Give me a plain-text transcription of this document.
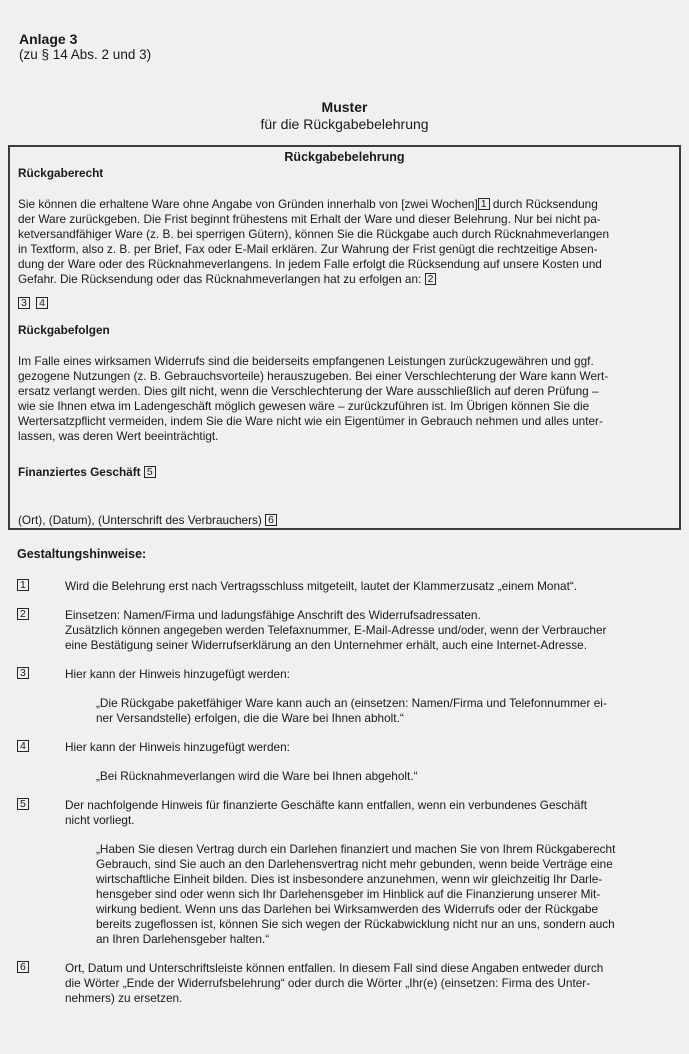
Anlage 3
(zu § 14 Abs. 2 und 3)
Muster
für die Rückgabebelehrung
Rückgabebelehrung
Rückgaberecht
Sie können die erhaltene Ware ohne Angabe von Gründen innerhalb von [zwei Wochen] 1 durch Rücksendung
der Ware zurückgeben. Die Frist beginnt frühestens mit Erhalt der Ware und dieser Belehrung. Nur bei nicht pa-
ketversandfähiger Ware (z. B. bei sperrigen Gütern), können Sie die Rückgabe auch durch Rücknahmeverlangen
in Textform, also z. B. per Brief, Fax oder E-Mail erklären. Zur Wahrung der Frist genügt die rechtzeitige Absen-
dung der Ware oder des Rücknahmeverlangens. In jedem Falle erfolgt die Rücksendung auf unsere Kosten und
Gefahr. Die Rücksendung oder das Rücknahmeverlangen hat zu erfolgen an: 2
3 4
Rückgabefolgen
Im Falle eines wirksamen Widerrufs sind die beiderseits empfangenen Leistungen zurückzugewähren und ggf.
gezogene Nutzungen (z. B. Gebrauchsvorteile) herauszugeben. Bei einer Verschlechterung der Ware kann Wert-
ersatz verlangt werden. Dies gilt nicht, wenn die Verschlechterung der Ware ausschließlich auf deren Prüfung –
wie sie Ihnen etwa im Ladengeschäft möglich gewesen wäre – zurückzuführen ist. Im Übrigen können Sie die
Wertersatzpflicht vermeiden, indem Sie die Ware nicht wie ein Eigentümer in Gebrauch nehmen und alles unter-
lassen, was deren Wert beeinträchtigt.
Finanziertes Geschäft 5
(Ort), (Datum), (Unterschrift des Verbrauchers) 6
Gestaltungshinweise:
1	Wird die Belehrung erst nach Vertragsschluss mitgeteilt, lautet der Klammerzusatz „einem Monat“.
2	Einsetzen: Namen/Firma und ladungsfähige Anschrift des Widerrufsadressaten.
Zusätzlich können angegeben werden Telefaxnummer, E-Mail-Adresse und/oder, wenn der Verbraucher
eine Bestätigung seiner Widerrufserklärung an den Unternehmer erhält, auch eine Internet-Adresse.
3	Hier kann der Hinweis hinzugefügt werden:
„Die Rückgabe paketfähiger Ware kann auch an (einsetzen: Namen/Firma und Telefonnummer ei-
ner Versandstelle) erfolgen, die die Ware bei Ihnen abholt.“
4	Hier kann der Hinweis hinzugefügt werden:
„Bei Rücknahmeverlangen wird die Ware bei Ihnen abgeholt.“
5	Der nachfolgende Hinweis für finanzierte Geschäfte kann entfallen, wenn ein verbundenes Geschäft
nicht vorliegt.
„Haben Sie diesen Vertrag durch ein Darlehen finanziert und machen Sie von Ihrem Rückgaberecht
Gebrauch, sind Sie auch an den Darlehensvertrag nicht mehr gebunden, wenn beide Verträge eine
wirtschaftliche Einheit bilden. Dies ist insbesondere anzunehmen, wenn wir gleichzeitig Ihr Darle-
hensgeber sind oder wenn sich Ihr Darlehensgeber im Hinblick auf die Finanzierung unserer Mit-
wirkung bedient. Wenn uns das Darlehen bei Wirksamwerden des Widerrufs oder der Rückgabe
bereits zugeflossen ist, können Sie sich wegen der Rückabwicklung nicht nur an uns, sondern auch
an Ihren Darlehensgeber halten.“
6	Ort, Datum und Unterschriftsleiste können entfallen. In diesem Fall sind diese Angaben entweder durch
die Wörter „Ende der Widerrufsbelehrung“ oder durch die Wörter „Ihr(e) (einsetzen: Firma des Unter-
nehmers) zu ersetzen.
